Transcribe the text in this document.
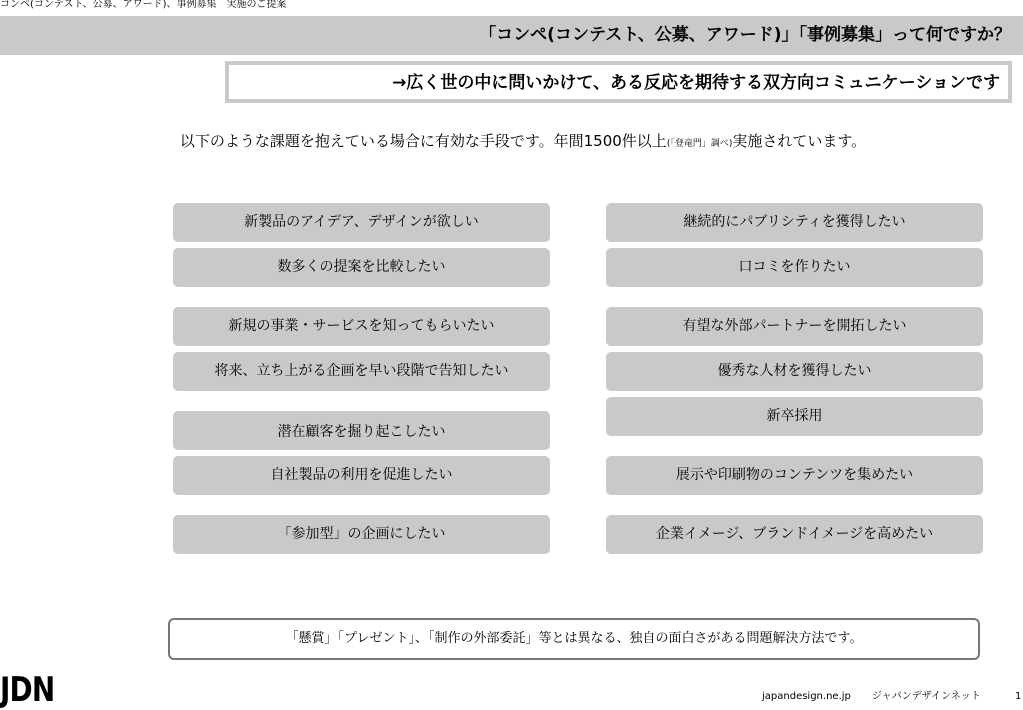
コンペ(コンテスト、公募、アワード)、事例募集　実施のご提案
「コンペ(コンテスト、公募、アワード)」「事例募集」って何ですか？
→広く世の中に問いかけて、ある反応を期待する双方向コミュニケーションです
以下のような課題を抱えている場合に有効な手段です。年間1500件以上(「登竜門」調べ)実施されています。
新製品のアイデア、デザインが欲しい
数多くの提案を比較したい
新規の事業・サービスを知ってもらいたい
将来、立ち上がる企画を早い段階で告知したい
潜在顧客を掘り起こしたい
自社製品の利用を促進したい
「参加型」の企画にしたい
継続的にパブリシティを獲得したい
口コミを作りたい
有望な外部パートナーを開拓したい
優秀な人材を獲得したい
新卒採用
展示や印刷物のコンテンツを集めたい
企業イメージ、ブランドイメージを高めたい
「懸賞」「プレゼント」、「制作の外部委託」等とは異なる、独自の面白さがある問題解決方法です。
JDN	japandesign.ne.jp ジャパンデザインネット	1
